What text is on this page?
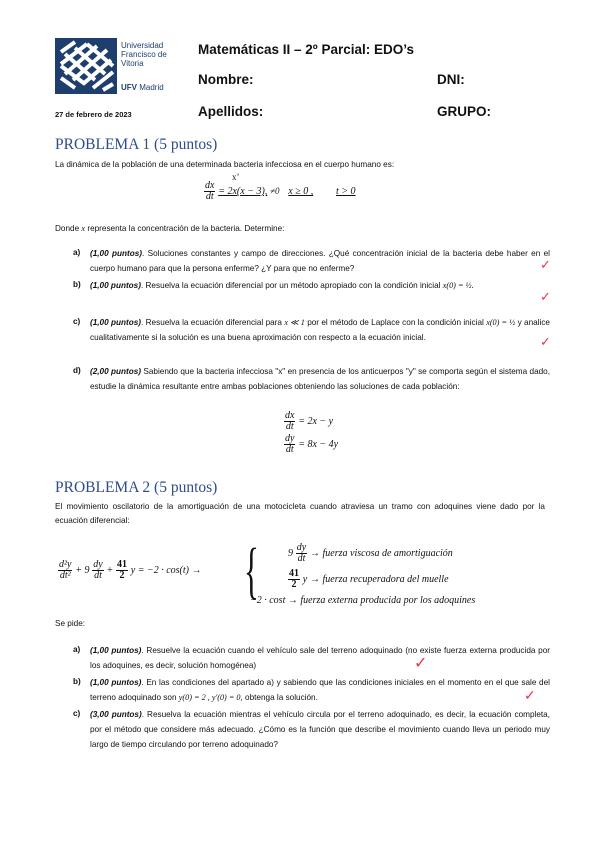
Universidad
Francisco de
Vitoria
UFV Madrid
Matemáticas II – 2º Parcial: EDO’s
Nombre:	DNI:
Apellidos:	GRUPO:
27 de febrero de 2023
PROBLEMA 1 (5 puntos)
La dinámica de la población de una determinada bacteria infecciosa en el cuerpo humano es:
$\frac{dx}{dt} = 2x(x - 3)$, ≠0 x ≥ 0 , t > 0
x’
Donde x representa la concentración de la bacteria. Determine:
a) (1,00 puntos). Soluciones constantes y campo de direcciones. ¿Qué concentración inicial de la bacteria debe haber en el cuerpo humano para que la persona enferme? ¿Y para que no enferme?	✓
b) (1,00 puntos). Resuelva la ecuación diferencial por un método apropiado con la condición inicial x(0) = ½.
✓
c) (1,00 puntos). Resuelva la ecuación diferencial para x ≪ 1 por el método de Laplace con la condición inicial x(0) = ½ y analice cualitativamente si la solución es una buena aproximación con respecto a la ecuación inicial.	✓
d) (2,00 puntos) Sabiendo que la bacteria infecciosa "x" en presencia de los anticuerpos "y" se comporta según el sistema dado, estudie la dinámica resultante entre ambas poblaciones obteniendo las soluciones de cada población:
$\frac{dx}{dt} = 2x - y$
$\frac{dy}{dt} = 8x - 4y$
PROBLEMA 2 (5 puntos)
El movimiento oscilatorio de la amortiguación de una motocicleta cuando atraviesa un tramo con adoquines viene dado por la ecuación diferencial:
$\frac{\text{d²y}}{\text{dt²}} + 9 \frac{dy}{dt} + \frac{41}{2}$ y = −2 · cos(t) → {	$9 \frac{dy}{dt}$ → fuerza viscosa de amortiguación
$\frac{41}{2}$ y → fuerza recuperadora del muelle
−2 · cost → fuerza externa producida por los adoquines
Se pide:
a) (1,00 puntos). Resuelve la ecuación cuando el vehículo sale del terreno adoquinado (no existe fuerza externa producida por los adoquines, es decir, solución homogénea)	✓
b) (1,00 puntos). En las condiciones del apartado a) y sabiendo que las condiciones iniciales en el momento en el que sale del terreno adoquinado son y(0) = 2 , y′(0) = 0, obtenga la solución.	✓
c) (3,00 puntos). Resuelva la ecuación mientras el vehículo circula por el terreno adoquinado, es decir, la ecuación completa, por el método que considere más adecuado. ¿Cómo es la función que describe el movimiento cuando lleva un periodo muy largo de tiempo circulando por terreno adoquinado?
